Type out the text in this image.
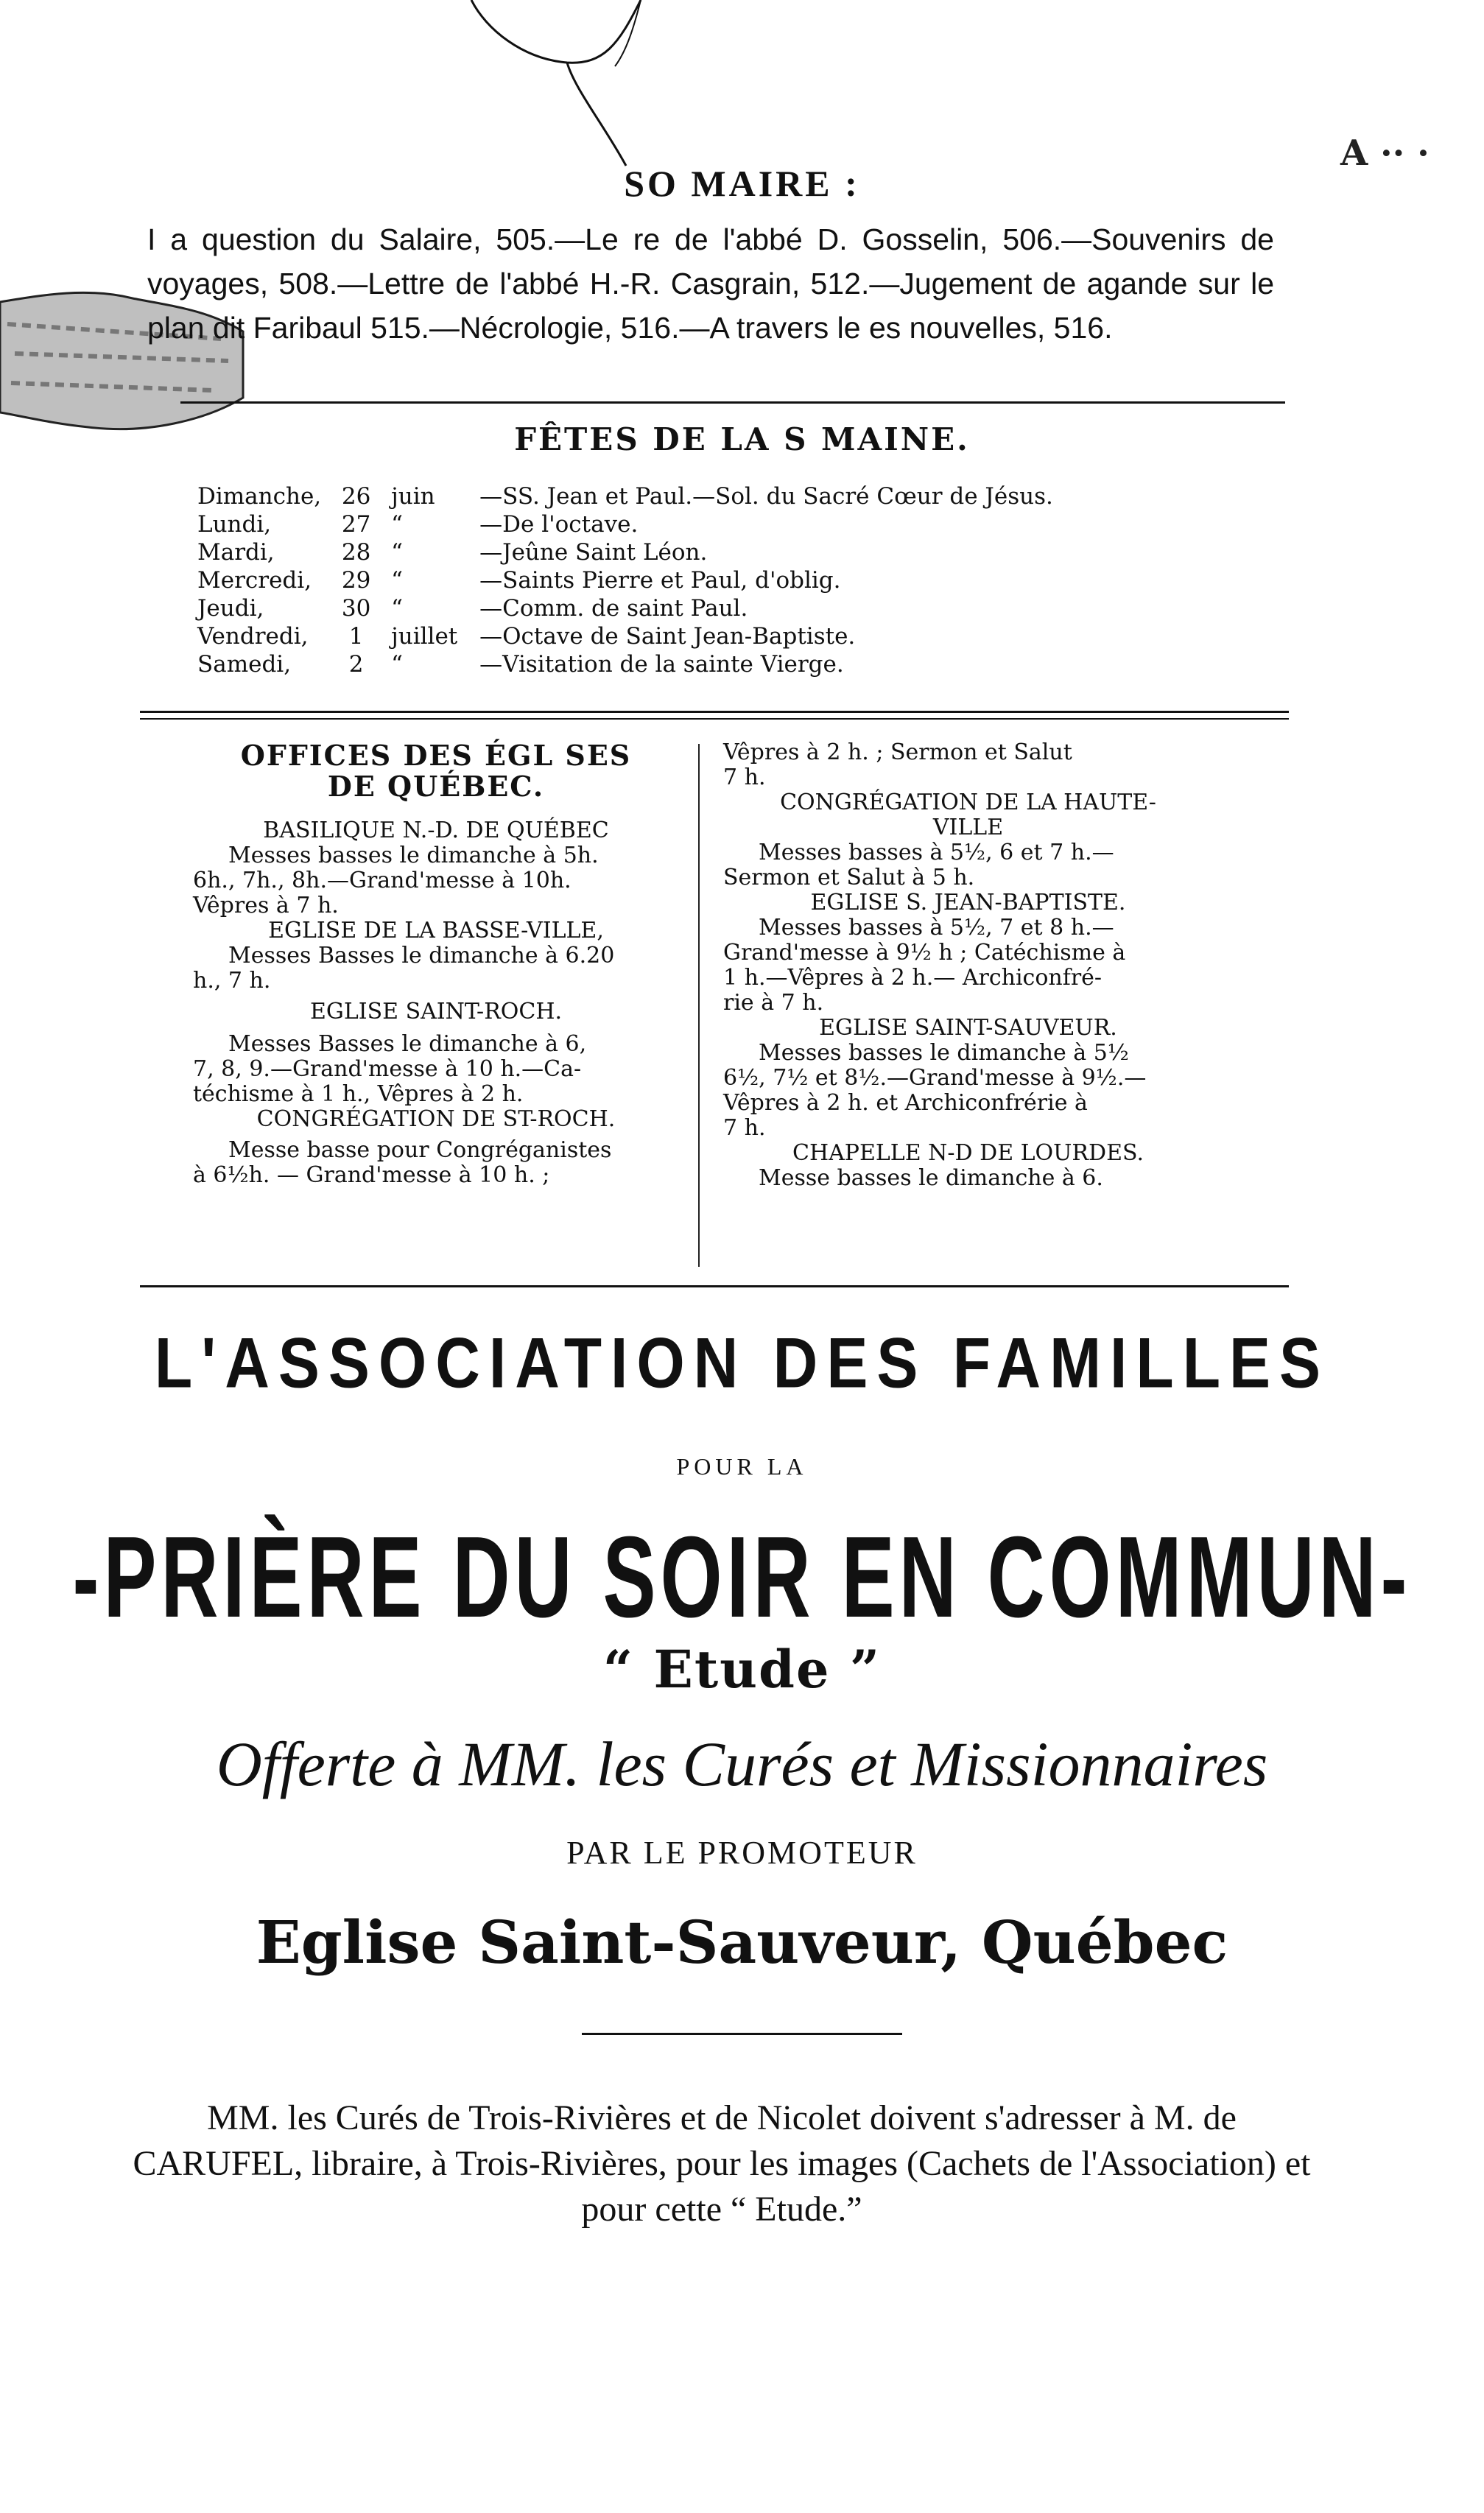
A ·· ·
SO MAIRE :
I a question du Salaire, 505.—Le re de l'abbé D. Gosselin, 506.—Souvenirs de voyages, 508.—Lettre de l'abbé H.-R. Casgrain, 512.—Jugement de agande sur le plan dit Faribaul 515.—Nécrologie, 516.—A travers le es nouvelles, 516.
FÊTES DE LA S MAINE.
Dimanche,	26	juin	—SS. Jean et Paul.—Sol. du Sacré Cœur de Jésus.
Lundi,	27	“	—De l'octave.
Mardi,	28	“	—Jeûne Saint Léon.
Mercredi,	29	“	—Saints Pierre et Paul, d'oblig.
Jeudi,	30	“	—Comm. de saint Paul.
Vendredi,	1	juillet	—Octave de Saint Jean-Baptiste.
Samedi,	2	“	—Visitation de la sainte Vierge.
OFFICES DES ÉGL SES
DE QUÉBEC.
BASILIQUE N.-D. DE QUÉBEC
Messes basses le dimanche à 5h.
6h., 7h., 8h.—Grand'messe à 10h.
Vêpres à 7 h.
EGLISE DE LA BASSE-VILLE,
Messes Basses le dimanche à 6.20
h., 7 h.
EGLISE SAINT-ROCH.
Messes Basses le dimanche à 6,
7, 8, 9.—Grand'messe à 10 h.—Ca-
téchisme à 1 h., Vêpres à 2 h.
CONGRÉGATION DE ST-ROCH.
Messe basse pour Congréganistes
à 6½h. — Grand'messe à 10 h. ;
Vêpres à 2 h. ; Sermon et Salut
7 h.
CONGRÉGATION DE LA HAUTE-
VILLE
Messes basses à 5½, 6 et 7 h.—
Sermon et Salut à 5 h.
EGLISE S. JEAN-BAPTISTE.
Messes basses à 5½, 7 et 8 h.—
Grand'messe à 9½ h ; Catéchisme à
1 h.—Vêpres à 2 h.— Archiconfré-
rie à 7 h.
EGLISE SAINT-SAUVEUR.
Messes basses le dimanche à 5½
6½, 7½ et 8½.—Grand'messe à 9½.—
Vêpres à 2 h. et Archiconfrérie à
7 h.
CHAPELLE N-D DE LOURDES.
Messe basses le dimanche à 6.
L'ASSOCIATION DES FAMILLES
POUR LA
-PRIÈRE DU SOIR EN COMMUN-
“ Etude ”
Offerte à MM. les Curés et Missionnaires
PAR LE PROMOTEUR
Eglise Saint-Sauveur, Québec
MM. les Curés de Trois-Rivières et de Nicolet doivent s'adresser à M. de CARUFEL, libraire, à Trois-Rivières, pour les images (Cachets de l'Association) et pour cette “ Etude.”
